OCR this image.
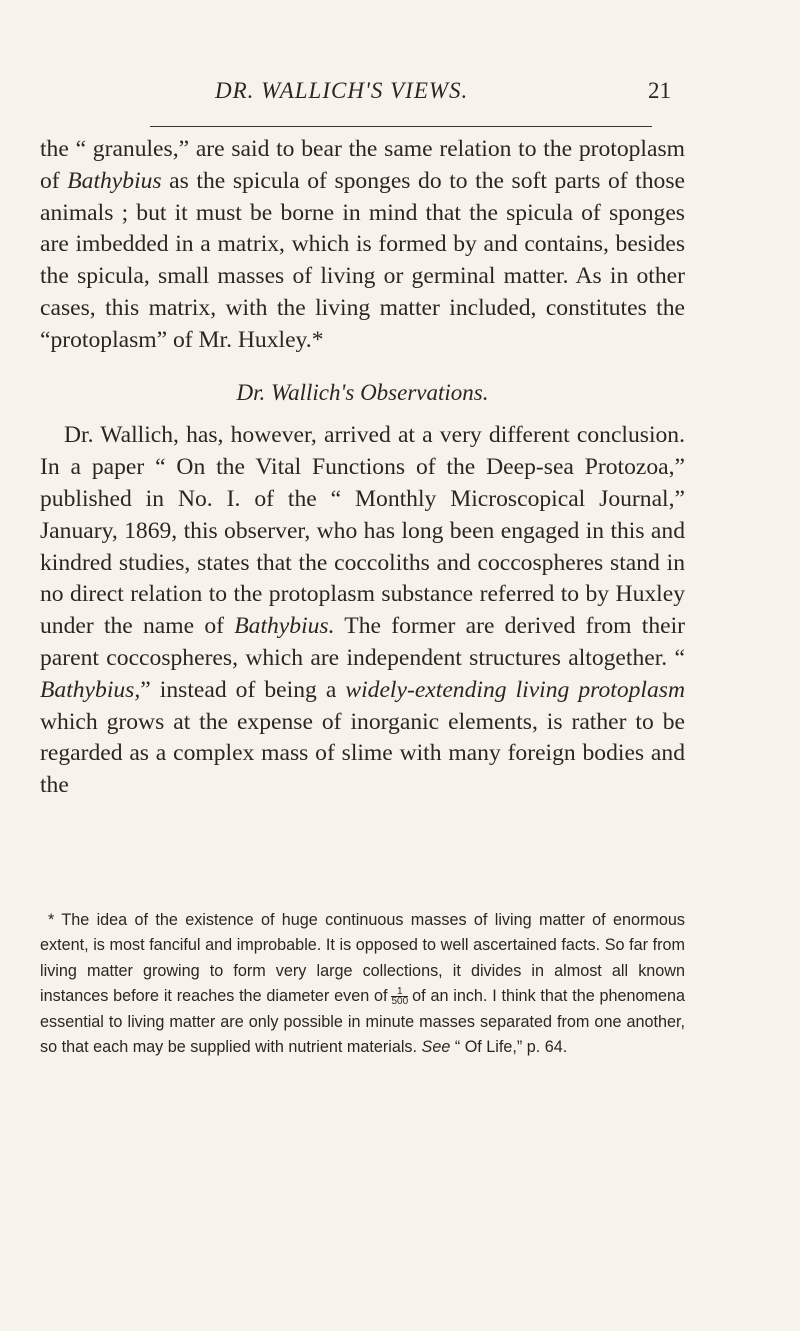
DR. WALLICH'S VIEWS.	21

the “ granules,” are said to bear the same relation to the protoplasm of Bathybius as the spicula of sponges do to the soft parts of those animals ; but it must be borne in mind that the spicula of sponges are imbedded in a matrix, which is formed by and contains, besides the spicula, small masses of living or germinal matter. As in other cases, this matrix, with the living matter included, constitutes the “protoplasm” of Mr. Huxley.*

Dr. Wallich's Observations.

Dr. Wallich, has, however, arrived at a very different conclusion. In a paper “ On the Vital Functions of the Deep-sea Protozoa,” published in No. I. of the “ Monthly Microscopical Journal,” January, 1869, this observer, who has long been engaged in this and kindred studies, states that the coccoliths and coccospheres stand in no direct relation to the protoplasm substance referred to by Huxley under the name of Bathybius. The former are derived from their parent coccospheres, which are independent structures altogether. “ Bathybius,” instead of being a widely-extending living protoplasm which grows at the expense of inorganic elements, is rather to be regarded as a complex mass of slime with many foreign bodies and the

* The idea of the existence of huge continuous masses of living matter of enormous extent, is most fanciful and improbable. It is opposed to well ascertained facts. So far from living matter growing to form very large collections, it divides in almost all known instances before it reaches the diameter even of $\frac{1}{500}$ of an inch. I think that the phenomena essential to living matter are only possible in minute masses separated from one another, so that each may be supplied with nutrient materials. See “ Of Life,” p. 64.
